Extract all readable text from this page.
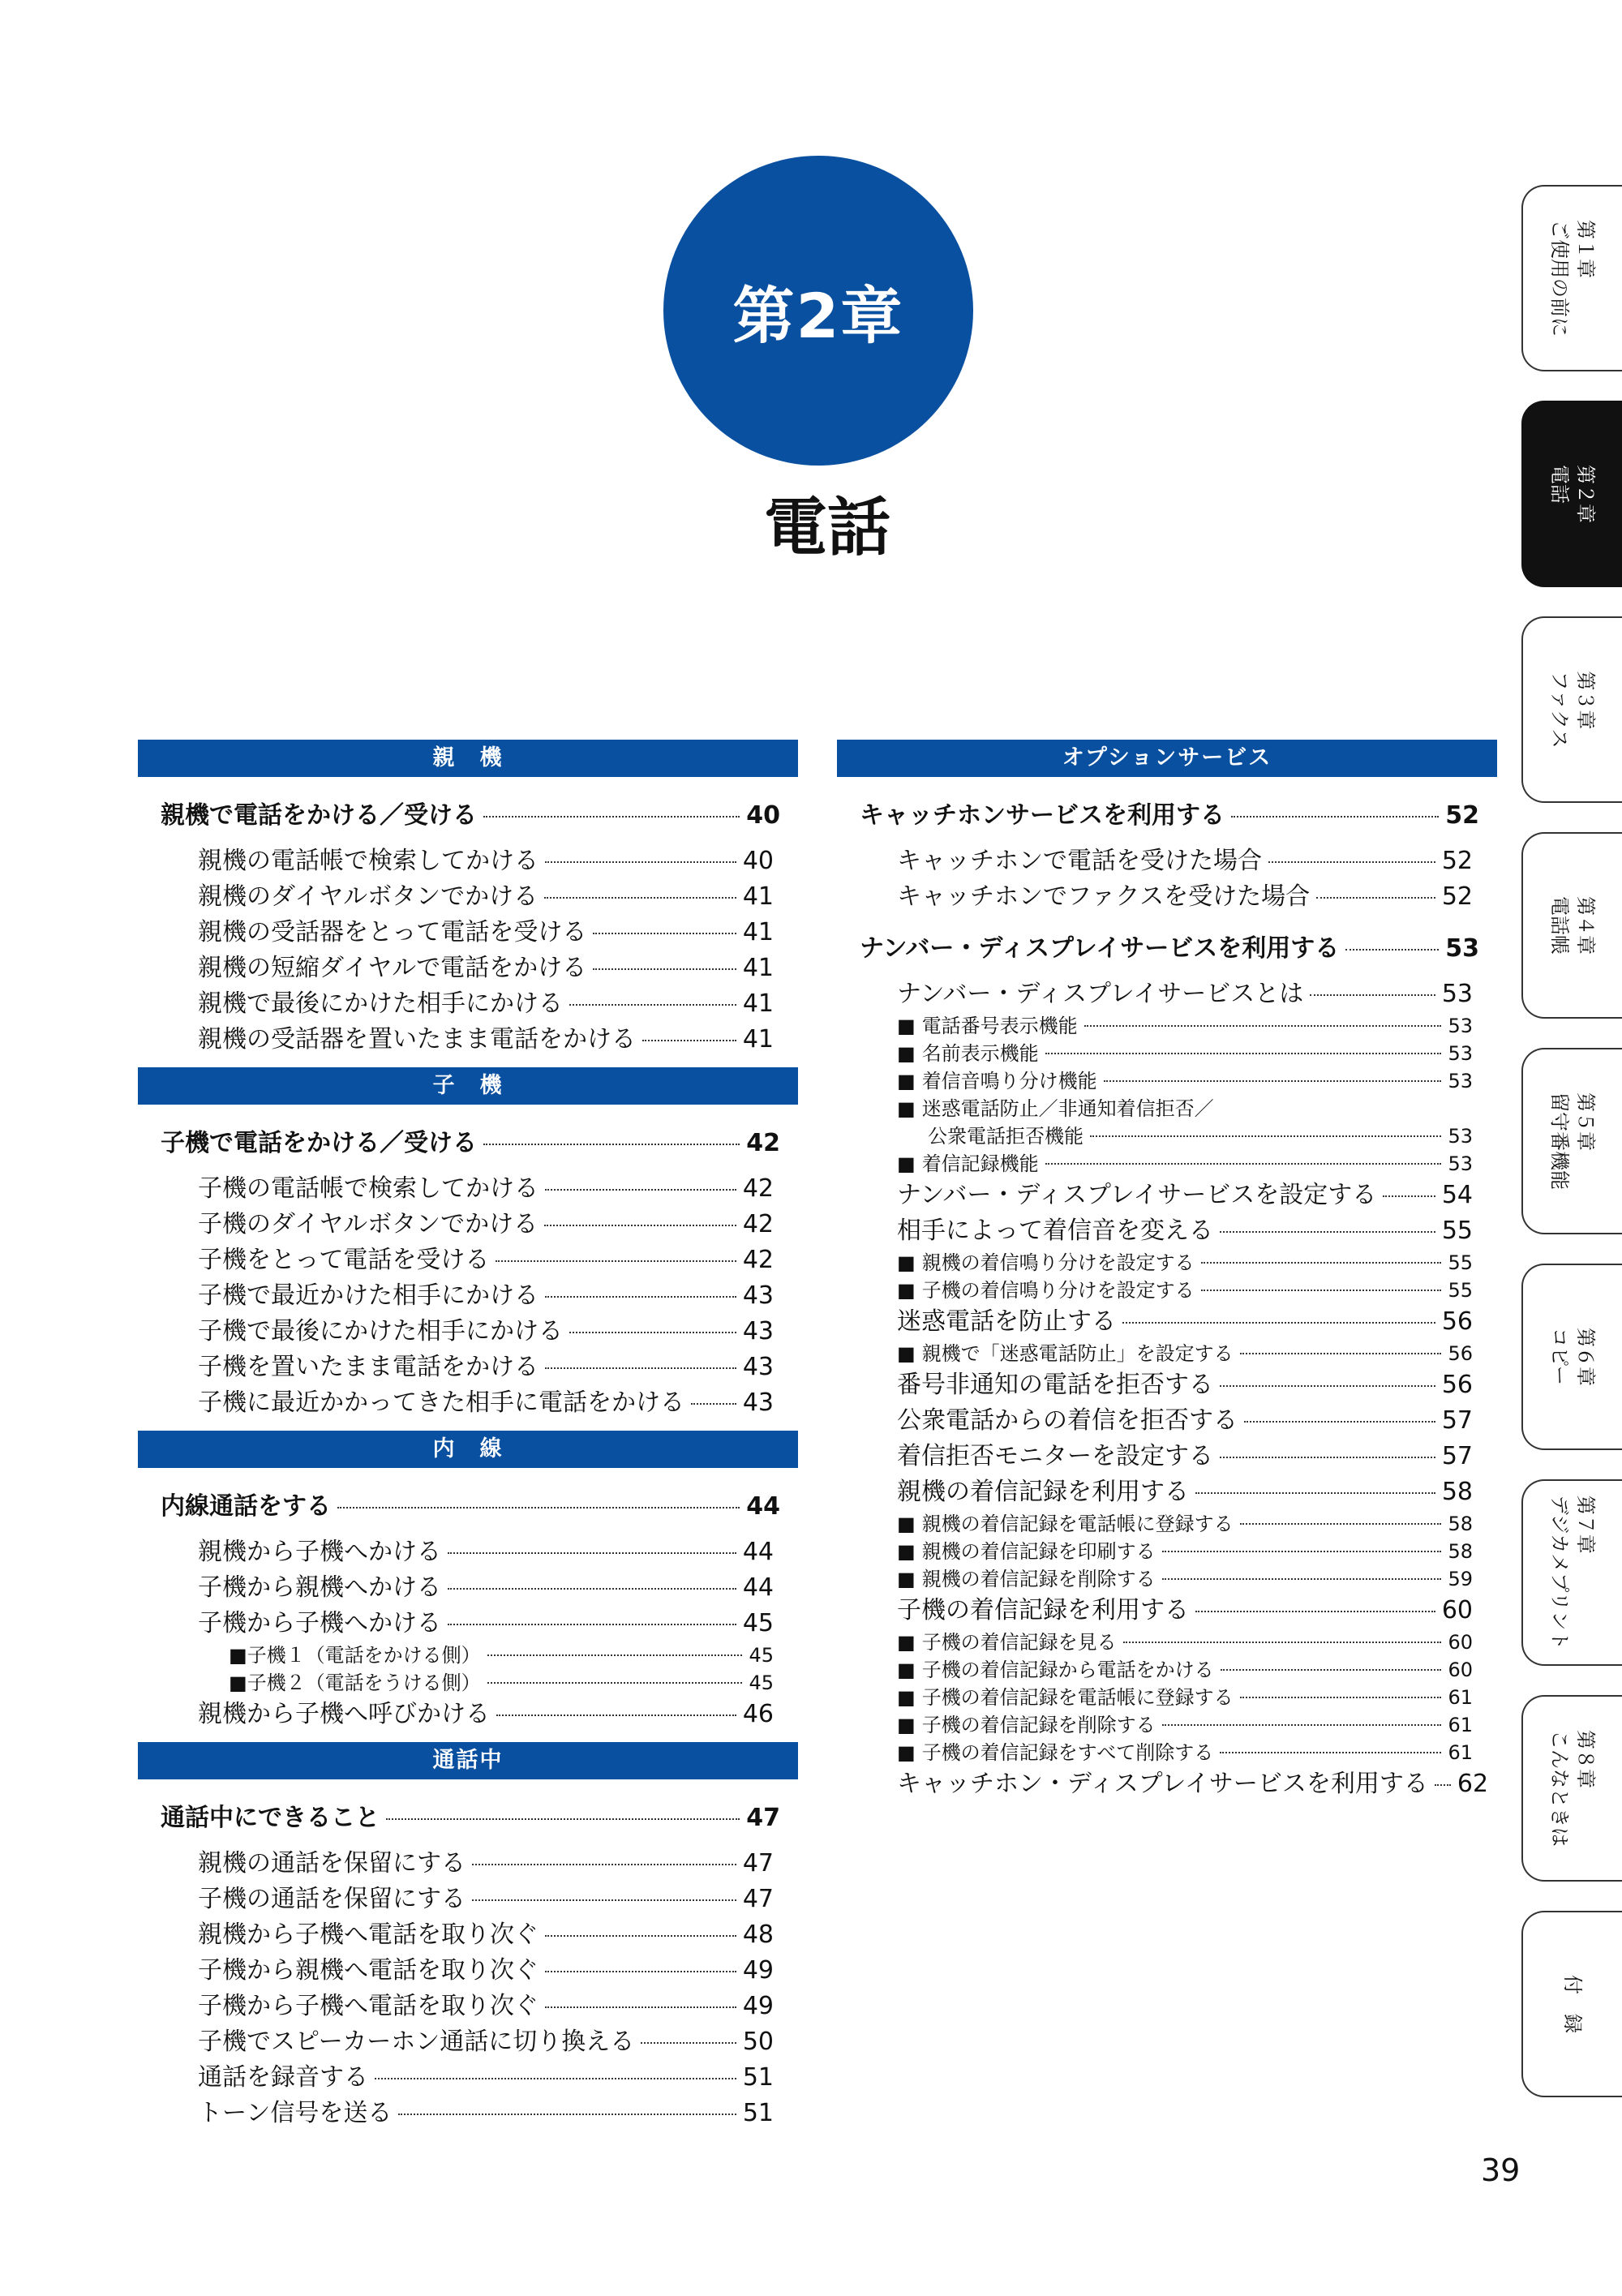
第2章
電話
親　機
親機で電話をかける／受ける	40
親機の電話帳で検索してかける	40
親機のダイヤルボタンでかける	41
親機の受話器をとって電話を受ける	41
親機の短縮ダイヤルで電話をかける	41
親機で最後にかけた相手にかける	41
親機の受話器を置いたまま電話をかける	41
子　機
子機で電話をかける／受ける	42
子機の電話帳で検索してかける	42
子機のダイヤルボタンでかける	42
子機をとって電話を受ける	42
子機で最近かけた相手にかける	43
子機で最後にかけた相手にかける	43
子機を置いたまま電話をかける	43
子機に最近かかってきた相手に電話をかける 43
内　線
内線通話をする	44
親機から子機へかける	44
子機から親機へかける	44
子機から子機へかける	45
■ 子機１（電話をかける側）	45
■ 子機２（電話をうける側）	45
親機から子機へ呼びかける	46
通話中
通話中にできること	47
親機の通話を保留にする	47
子機の通話を保留にする	47
親機から子機へ電話を取り次ぐ	48
子機から親機へ電話を取り次ぐ	49
子機から子機へ電話を取り次ぐ	49
子機でスピーカーホン通話に切り換える	50
通話を録音する	51
トーン信号を送る	51
オプションサービス
キャッチホンサービスを利用する	52
キャッチホンで電話を受けた場合	52
キャッチホンでファクスを受けた場合	52
ナンバー・ディスプレイサービスを利用する	53
ナンバー・ディスプレイサービスとは	53
■ 電話番号表示機能	53
■ 名前表示機能	53
■ 着信音鳴り分け機能	53
■ 迷惑電話防止／非通知着信拒否／
公衆電話拒否機能	53
■ 着信記録機能	53
ナンバー・ディスプレイサービスを設定する	54
相手によって着信音を変える	55
■ 親機の着信鳴り分けを設定する	55
■ 子機の着信鳴り分けを設定する	55
迷惑電話を防止する	56
■ 親機で「迷惑電話防止」を設定する	56
番号非通知の電話を拒否する	56
公衆電話からの着信を拒否する	57
着信拒否モニターを設定する	57
親機の着信記録を利用する	58
■ 親機の着信記録を電話帳に登録する	58
■ 親機の着信記録を印刷する	58
■ 親機の着信記録を削除する	59
子機の着信記録を利用する	60
■ 子機の着信記録を見る	60
■ 子機の着信記録から電話をかける	60
■ 子機の着信記録を電話帳に登録する	61
■ 子機の着信記録を削除する	61
■ 子機の着信記録をすべて削除する	61
キャッチホン・ディスプレイサービスを利用する 62
第１章
ご使用の前に
第２章
電話
第３章
ファクス
第４章
電話帳
第５章
留守番機能
第６章
コピー
第７章
デジカメプリント
第８章
こんなときは
付　録
39
